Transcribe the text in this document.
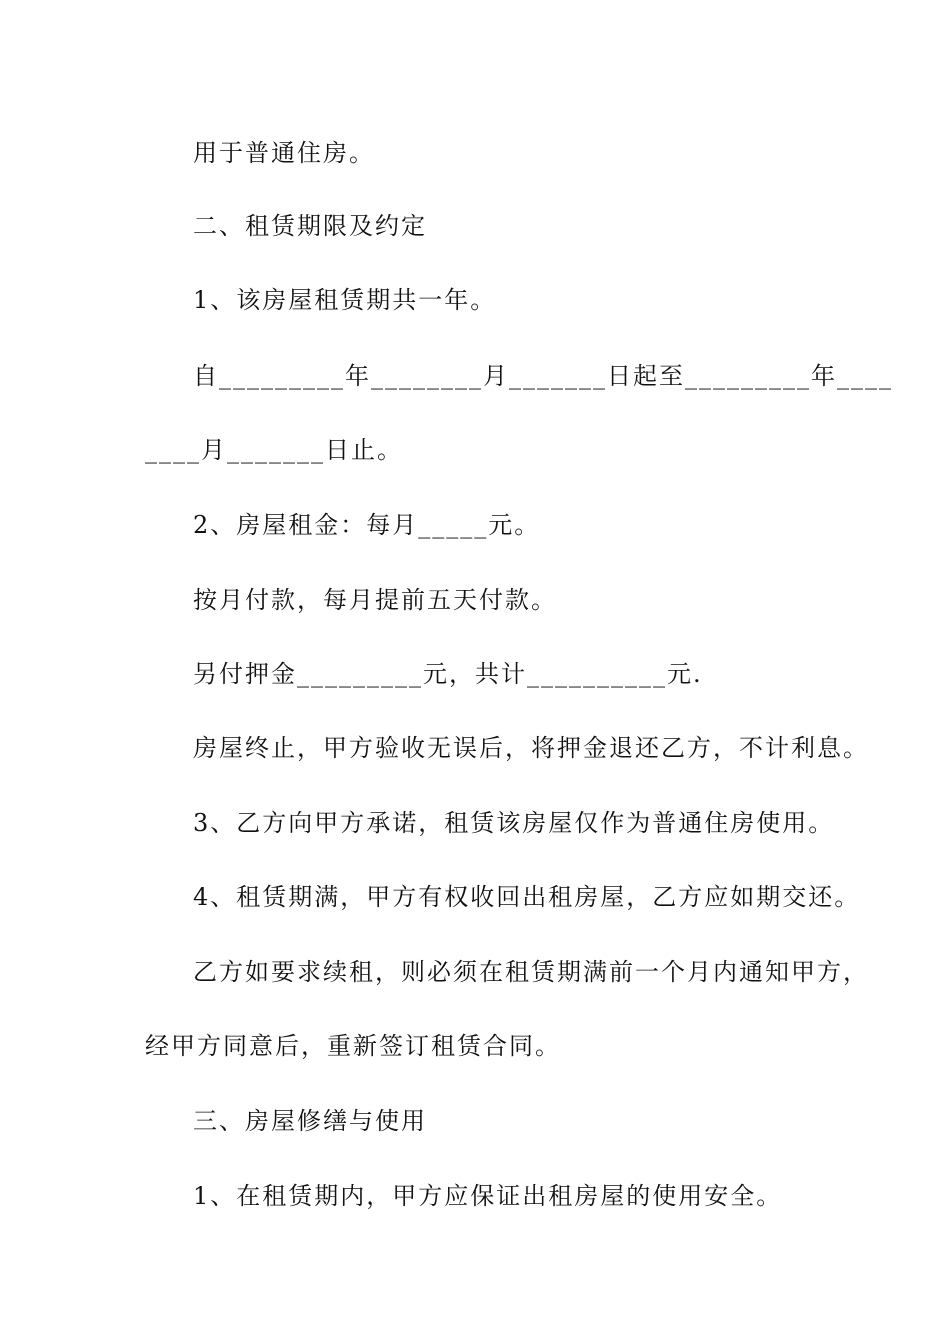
用于普通住房。
二、租赁期限及约定
1、该房屋租赁期共一年。
自_________年________月_______日起至_________年____
____月_______日止。
2、房屋租金：每月_____元。
按月付款，每月提前五天付款。
另付押金_________元，共计__________元.
房屋终止，甲方验收无误后，将押金退还乙方，不计利息。
3、乙方向甲方承诺，租赁该房屋仅作为普通住房使用。
4、租赁期满，甲方有权收回出租房屋，乙方应如期交还。
乙方如要求续租，则必须在租赁期满前一个月内通知甲方，
经甲方同意后，重新签订租赁合同。
三、房屋修缮与使用
1、在租赁期内，甲方应保证出租房屋的使用安全。
